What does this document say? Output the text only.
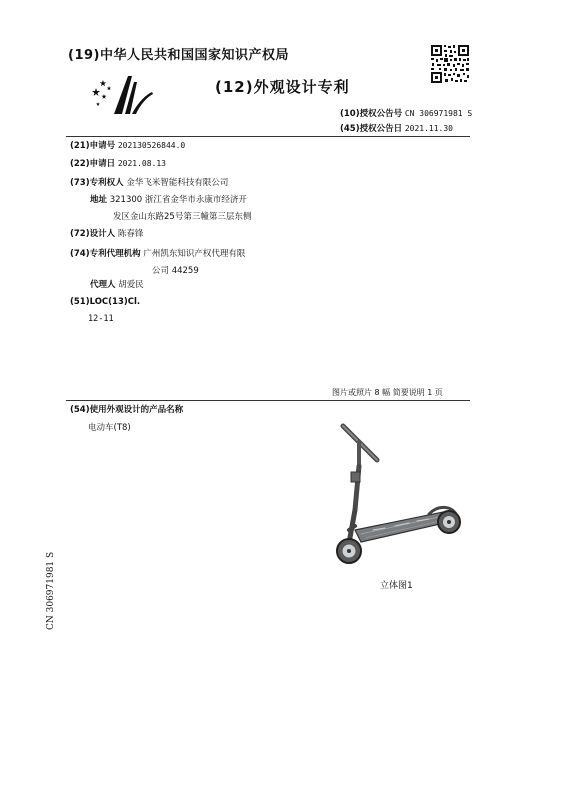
(19)中华人民共和国国家知识产权局
(12)外观设计专利
(10)授权公告号 CN 306971981 S
(45)授权公告日 2021.11.30
(21)申请号 202130526844.0
(22)申请日 2021.08.13
(73)专利权人 金华飞米智能科技有限公司
地址 321300 浙江省金华市永康市经济开
发区金山东路25号第三幢第三层东侧
(72)设计人 陈春锋
(74)专利代理机构 广州凯东知识产权代理有限
公司 44259
代理人 胡爱民
(51)LOC(13)Cl.
12-11
图片或照片 8 幅 简要说明 1 页
(54)使用外观设计的产品名称
电动车(T8)
立体图1
CN 306971981 S
